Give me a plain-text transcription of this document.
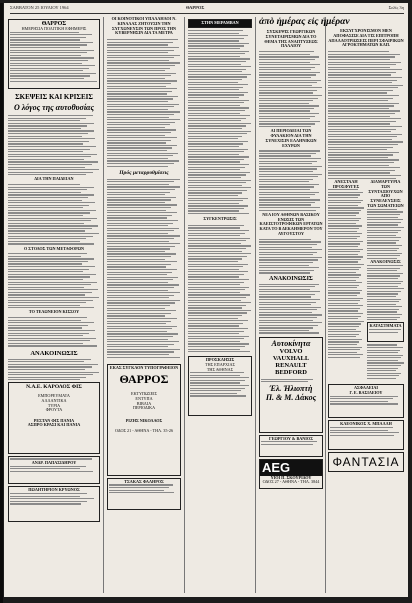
ΣΑΒΒΑΤΟΝ 25 ΙΟΥΛΙΟΥ 1964	ΘΑΡΡΟΣ	Σελίς 3η
ΘΑΡΡΟΣ
ΗΜΕΡΗΣΙΑ ΠΟΛΙΤΙΚΗ ΕΦΗΜΕΡΙΣ
ΣΚΕΨΕΙΣ ΚΑΙ ΚΡΙΣΕΙΣ
Ο λόγος της αυτοθυσίας
ΔΙΑ ΤΗΝ ΠΑΙΔΕΙΑΝ
Ο ΣΤΟΛΟΣ ΤΩΝ ΜΕΤΑΦΟΡΩΝ
ΤΟ ΤΕΛΩΝΕΙΟΝ ΚΙΣΣΟΥ
ΑΝΑΚΟΙΝΩΣΙΣ
Ν.Α.Ε. ΚΑΡΟΛΟΣ ΦΙΣ
ΕΜΠΟΡΕΥΜΑΤΑ
ΑΛΛΑΝΤΙΚΑ
ΤΥΡΙΑ
ΦΡΟΥΤΑ
ΡΕΣΤΑΝ ΦΙΣ ΠΑΝΙΑ
ΑΣΠΡΟ ΚΡΑΣΙ ΚΑΙ ΠΑΝΙΑ
ΑΝΔΡ. ΠΑΠΑΣΙΔΗΡΟΥ
ΠΩΛΗΤΗΡΙΟΝ ΚΡΥΩΝΟΣ
ΟΙ ΚΟΙΝΟΤΙΚΟΙ ΥΠΑΛΛΗΛΟΙ Ν. ΚΙΝΑΛΑΣ ΖΗΤΟΥΣΙΝ ΤΗΝ ΣΥΓΧΩΝΕΥΣΙΝ ΤΩΝ ΠΡΟΣ ΤΗΝ ΚΥΒΕΡΝΗΣΙΝ ΔΙΑ ΤΑ ΜΕΤΡΑ
Πρός μεταρρυθμίσεις
ΕΚΑΣ ΣΥΓΚΛΟΝ ΤΥΠΟΓΡΑΦΕΙΟΝ
ΘΑΡΡΟΣ
ΕΚΤΥΠΩΣΕΙΣ
ΕΝΤΥΠΑ
ΒΙΒΛΙΑ
ΠΕΡΙΟΔΙΚΑ
ΡΙΖΗΣ ΝΙΚΟΛΑΟΣ
ΟΔΟΣ 21 - ΑΘΗΝΑ - ΤΗΛ. 35-26
ΤΣΑΚΑΣ ΦΑΛΗΡΟΣ
ΣΤΗΝ ΜΕΡΑΜΒΑΝ
ΣΥΓΚΕΝΤΡΩΣΙΣ
ΠΡΟΣΚΛΗΣΙΣ
ΤΗΣ ΕΠΑΡΧΙΑΣ
ΤΗΣ ΑΘΗΝΑΣ
ἀπὸ ἡμέρας εἰς ἡμέραν
ΣΥΣΚΕΨΙΣ ΓΕΩΡΓΙΚΩΝ ΣΥΝΕΤΑΙΡΙΣΜΩΝ ΔΙΑ ΤΟ ΘΕΜΑ ΤΗΣ ΑΝΑΠΤΥΞΕΩΣ ΠΑΛΑΙΟΥ
ΑΙ ΠΕΡΙΟΔΕΙΑΙ ΤΩΝ ΦΥΛΑΚΙΟΝ ΔΙΑ ΤΗΝ ΣΥΝΕΧΙΣΙΝ ΕΛΛΗΝΙΚΩΝ ΕΧΥΡΩΝ
ΝΕΑ ΙΟΥ ΑΘΗΝΩΝ ΒΑΣΙΚΟΥ ΕΝΩΣΙΣ ΤΩΝ ΚΛΕΙΣΤΟΤΡΟΦΙΚΩΝ ΕΡΓΑΤΩΝ ΚΑΤΑ ΤΟ Β ΔΕΚΑΗΜΕΡΟΝ ΤΟΥ ΑΥΓΟΥΣΤΟΥ
ΑΝΑΚΟΙΝΩΣΙΣ
Αυτοκίνητα
VOLVO
VAUXHALL
RENAULT
BEDFORD
Έλ. Ἠλιοπτὴ
Π. & Μ. Δάκος
ΓΕΩΡΓΙΟΥ & ΒΑΝΙΟΣ
AEG
ΥΙΟΙ Π. ΣΚΟΥΡΙΔΟΥ
ΟΔΟΣ 27 - ΑΘΗΝΑ - ΤΗΛ. 3844
ΕΚΣΥΓΧΡΟΝΙΣΜΟΝ ΜΕΝ ΑΠΟΦΑΣΙΣΕ ΔΙΑ ΤΙΣ ΕΠΙΤΡΟΠΗ ΑΠΑΛΛΟΤΡΙΩΣΕΙΣ ΠΕΡΙ ΣΦΑΙΡΙΚΩΝ ΑΓΡΟΚΤΗΜΑΤΩΝ ΚΛΠ.
ΑΝΕΣΤΑΛΗ
ΠΡΟΣΦΥΓΕΣ
ΔΙΑΜΑΡΤΥΡΙΑ ΤΩΝ ΣΥΝΤΑΞΙΟΥΧΩΝ ΑΠΟ ΣΥΝΕΛΕΥΣΕΙΣ ΤΩΝ ΣΩΜΑΤΕΙΩΝ
ΑΝΑΚΟΙΝΩΣΙΣ
ΚΑΤΑΣΤΗΜΑΤΑ
ΑΣΦΑΛΕΙΑΙ
Γ. Ε. ΒΑΣΙΛΕΙΟΥ
ΚΛΕΟΝΙΚΟΣ Χ. ΜΠΑΛΛΗ
ΦΑΝΤΑΣΙΑ
